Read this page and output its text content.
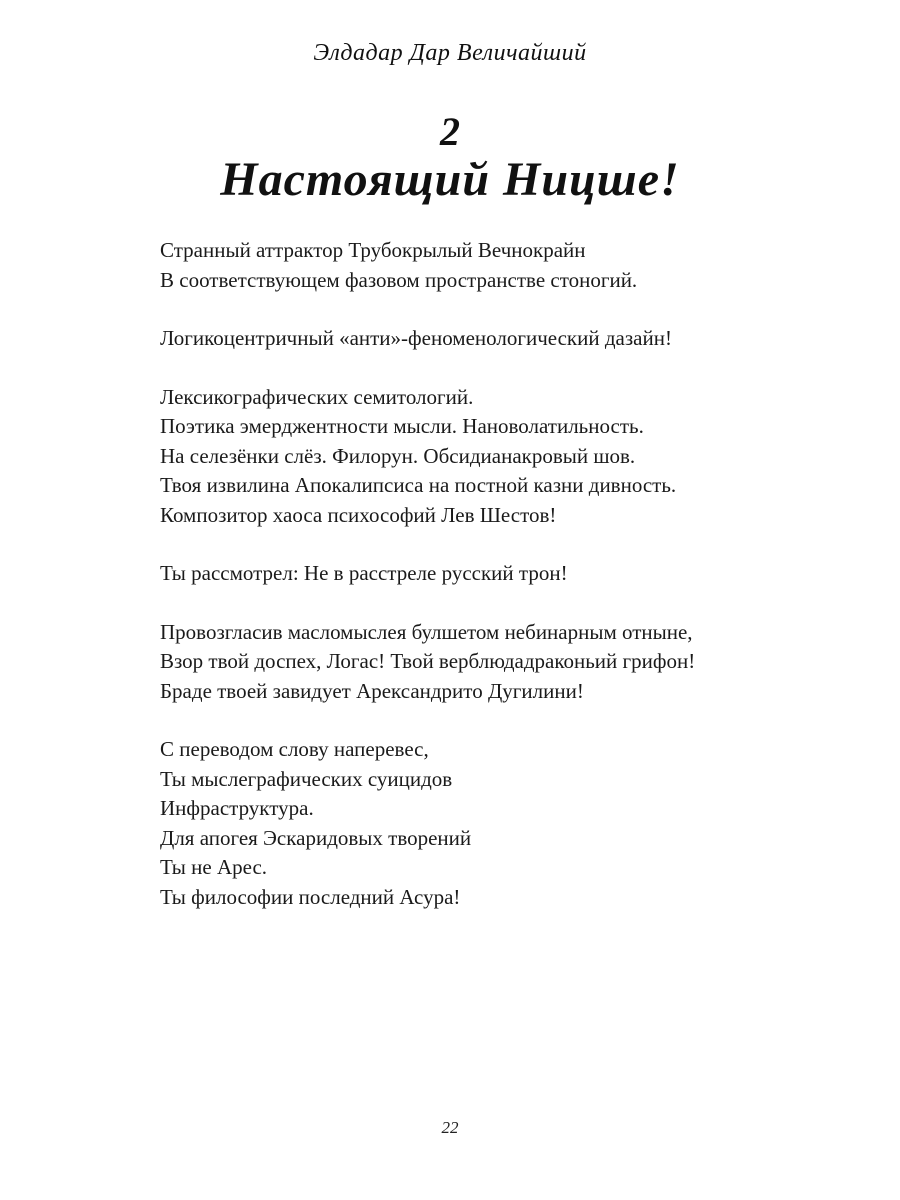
Элдадар Дар Величайший
2
Настоящий Ницше!
Странный аттрактор Трубокрылый Вечнокрайн
В соответствующем фазовом пространстве стоногий.
Логикоцентричный «анти»-феноменологический дазайн!
Лексикографических семитологий.
Поэтика эмерджентности мысли. Нановолатильность.
На селезёнки слёз. Филорун. Обсидианакровый шов.
Твоя извилина Апокалипсиса на постной казни дивность.
Композитор хаоса психософий Лев Шестов!
Ты рассмотрел: Не в расстреле русский трон!
Провозгласив масломыслея булшетом небинарным отныне,
Взор твой доспех, Логас! Твой верблюдадраконьий грифон!
Браде твоей завидует Арександрито Дугилини!
С переводом слову наперевес,
Ты мыслеграфических суицидов
Инфраструктура.
Для апогея Эскаридовых творений
Ты не Арес.
Ты философии последний Асура!
22
